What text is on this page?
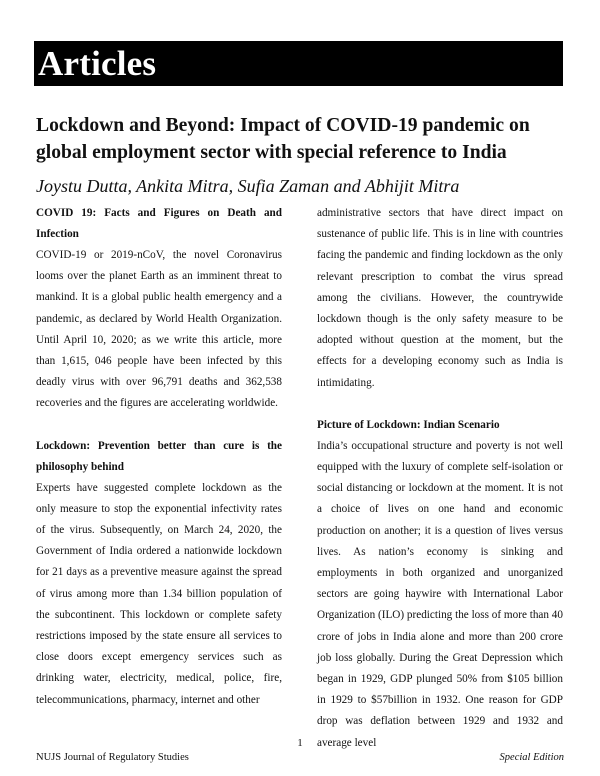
Articles
Lockdown and Beyond: Impact of COVID-19 pandemic on global employment sector with special reference to India
Joystu Dutta, Ankita Mitra, Sufia Zaman and Abhijit Mitra
COVID 19: Facts and Figures on Death and Infection
COVID-19 or 2019-nCoV, the novel Coronavirus looms over the planet Earth as an imminent threat to mankind. It is a global public health emergency and a pandemic, as declared by World Health Organization. Until April 10, 2020; as we write this article, more than 1,615, 046 people have been infected by this deadly virus with over 96,791 deaths and 362,538 recoveries and the figures are accelerating worldwide.
Lockdown: Prevention better than cure is the philosophy behind
Experts have suggested complete lockdown as the only measure to stop the exponential infectivity rates of the virus. Subsequently, on March 24, 2020, the Government of India ordered a nationwide lockdown for 21 days as a preventive measure against the spread of virus among more than 1.34 billion population of the subcontinent. This lockdown or complete safety restrictions imposed by the state ensure all services to close doors except emergency services such as drinking water, electricity, medical, police, fire, telecommunications, pharmacy, internet and other
administrative sectors that have direct impact on sustenance of public life. This is in line with countries facing the pandemic and finding lockdown as the only relevant prescription to combat the virus spread among the civilians. However, the countrywide lockdown though is the only safety measure to be adopted without question at the moment, but the effects for a developing economy such as India is intimidating.
Picture of Lockdown: Indian Scenario
India’s occupational structure and poverty is not well equipped with the luxury of complete self-isolation or social distancing or lockdown at the moment. It is not a choice of lives on one hand and economic production on another; it is a question of lives versus lives. As nation’s economy is sinking and employments in both organized and unorganized sectors are going haywire with International Labor Organization (ILO) predicting the loss of more than 40 crore of jobs in India alone and more than 200 crore job loss globally. During the Great Depression which began in 1929, GDP plunged 50% from $105 billion in 1929 to $57billion in 1932. One reason for GDP drop was deflation between 1929 and 1932 and average level
1
NUJS Journal of Regulatory Studies	Special Edition
